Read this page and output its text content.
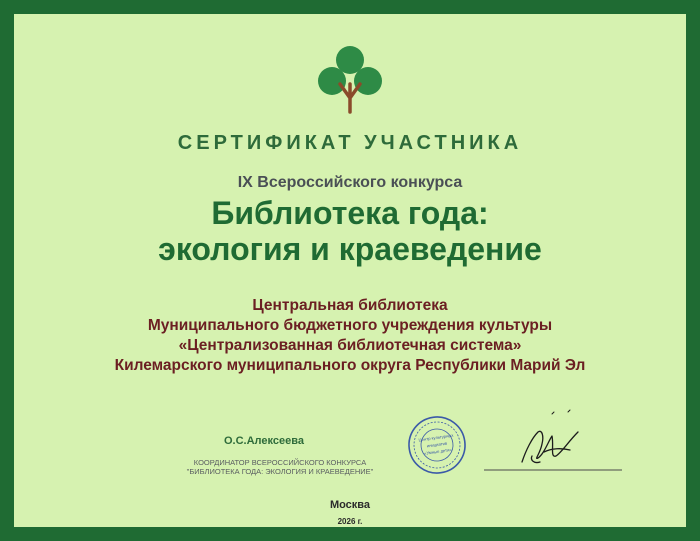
СЕРТИФИКАТ УЧАСТНИКА
IX Всероссийского конкурса
Библиотека года:
экология и краеведение
Центральная библиотека
Муниципального бюджетного учреждения культуры
«Централизованная библиотечная система»
Килемарского муниципального округа Республики Марий Эл
О.С.Алексеева
КООРДИНАТОР ВСЕРОССИЙСКОГО КОНКУРСА
"БИБЛИОТЕКА ГОДА: ЭКОЛОГИЯ И КРАЕВЕДЕНИЕ"
Центр культурных
инициатив
«Умные дети»
Москва
2026 г.
